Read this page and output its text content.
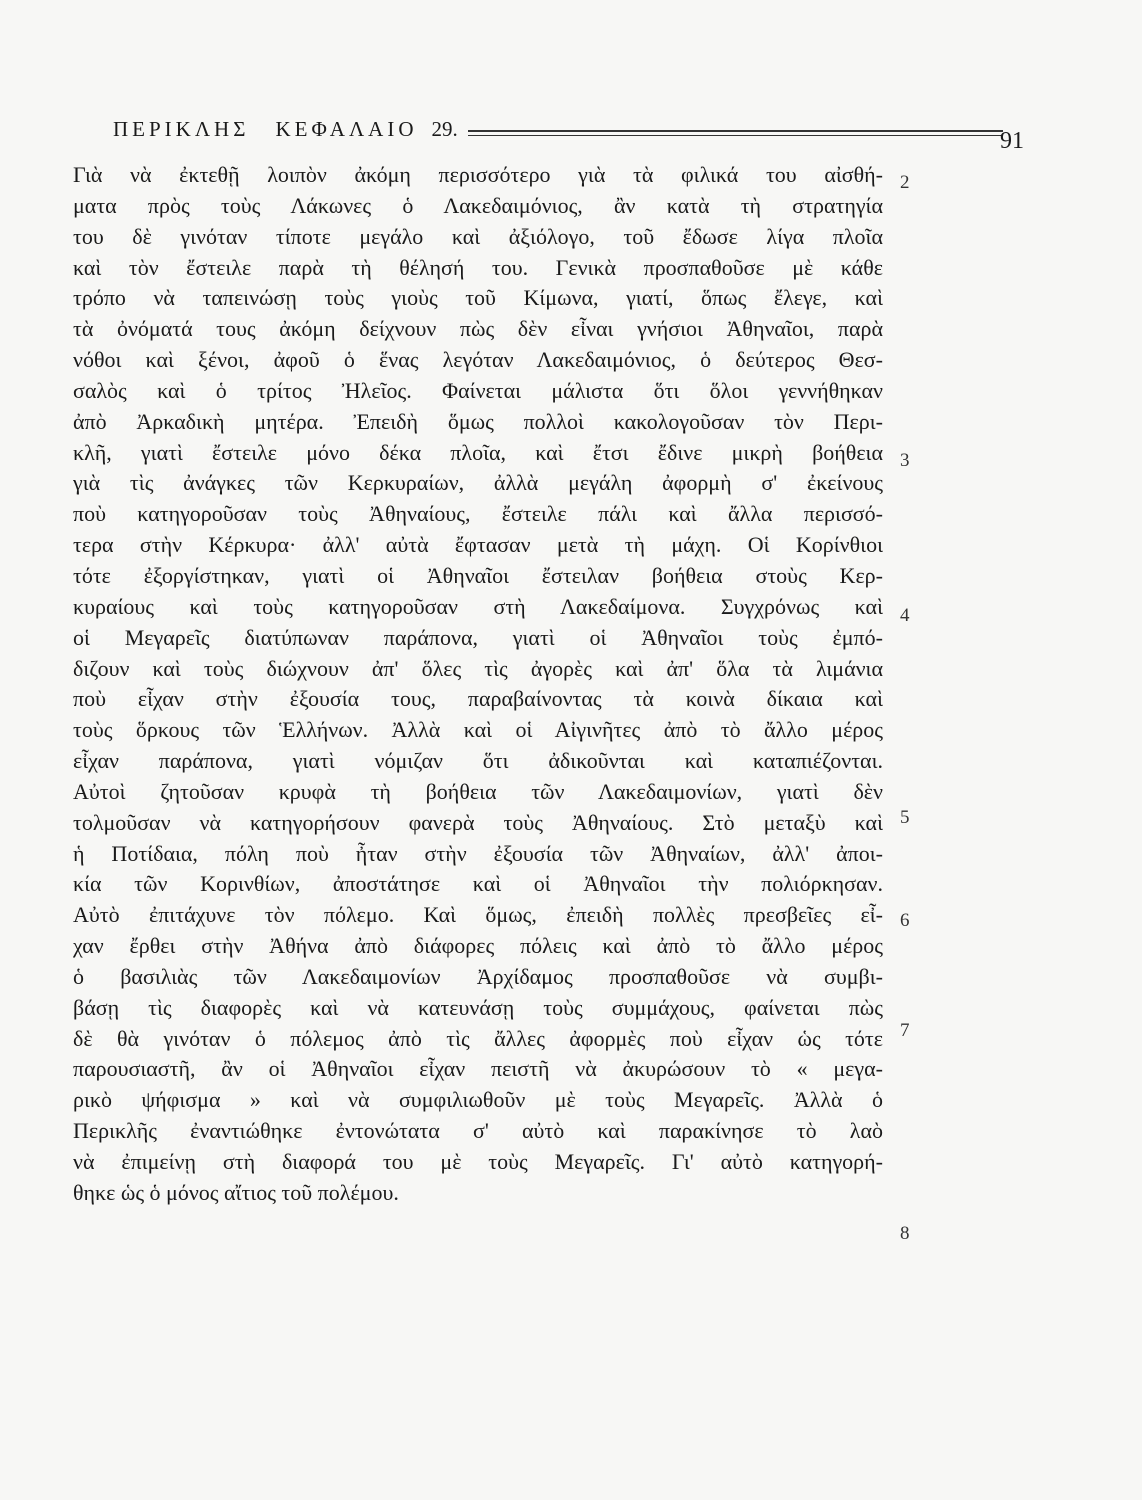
ΠΕΡΙΚΛΗΣ ΚΕΦΑΛΑΙΟ 29.	91
Γιὰ νὰ ἐκτεθῇ λοιπὸν ἀκόμη περισσότερο γιὰ τὰ φιλικά του αἰσθή-
ματα πρὸς τοὺς Λάκωνες ὁ Λακεδαιμόνιος, ἂν κατὰ τὴ στρατηγία
του δὲ γινόταν τίποτε μεγάλο καὶ ἀξιόλογο, τοῦ ἔδωσε λίγα πλοῖα
καὶ τὸν ἔστειλε παρὰ τὴ θέλησή του. Γενικὰ προσπαθοῦσε μὲ κάθε
τρόπο νὰ ταπεινώσῃ τοὺς γιοὺς τοῦ Κίμωνα, γιατί, ὅπως ἔλεγε, καὶ
τὰ ὀνόματά τους ἀκόμη δείχνουν πὼς δὲν εἶναι γνήσιοι Ἀθηναῖοι, παρὰ
νόθοι καὶ ξένοι, ἀφοῦ ὁ ἕνας λεγόταν Λακεδαιμόνιος, ὁ δεύτερος Θεσ-
σαλὸς καὶ ὁ τρίτος Ἠλεῖος. Φαίνεται μάλιστα ὅτι ὅλοι γεννήθηκαν
ἀπὸ Ἀρκαδικὴ μητέρα. Ἐπειδὴ ὅμως πολλοὶ κακολογοῦσαν τὸν Περι-
κλῆ, γιατὶ ἔστειλε μόνο δέκα πλοῖα, καὶ ἔτσι ἔδινε μικρὴ βοήθεια
γιὰ τὶς ἀνάγκες τῶν Κερκυραίων, ἀλλὰ μεγάλη ἀφορμὴ σ' ἐκείνους
ποὺ κατηγοροῦσαν τοὺς Ἀθηναίους, ἔστειλε πάλι καὶ ἄλλα περισσό-
τερα στὴν Κέρκυρα· ἀλλ' αὐτὰ ἔφτασαν μετὰ τὴ μάχη. Οἱ Κορίνθιοι
τότε ἐξοργίστηκαν, γιατὶ οἱ Ἀθηναῖοι ἔστειλαν βοήθεια στοὺς Κερ-
κυραίους καὶ τοὺς κατηγοροῦσαν στὴ Λακεδαίμονα. Συγχρόνως καὶ
οἱ Μεγαρεῖς διατύπωναν παράπονα, γιατὶ οἱ Ἀθηναῖοι τοὺς ἐμπό-
διζουν καὶ τοὺς διώχνουν ἀπ' ὅλες τὶς ἀγορὲς καὶ ἀπ' ὅλα τὰ λιμάνια
ποὺ εἶχαν στὴν ἐξουσία τους, παραβαίνοντας τὰ κοινὰ δίκαια καὶ
τοὺς ὅρκους τῶν Ἑλλήνων. Ἀλλὰ καὶ οἱ Αἰγινῆτες ἀπὸ τὸ ἄλλο μέρος
εἶχαν παράπονα, γιατὶ νόμιζαν ὅτι ἀδικοῦνται καὶ καταπιέζονται.
Αὐτοὶ ζητοῦσαν κρυφὰ τὴ βοήθεια τῶν Λακεδαιμονίων, γιατὶ δὲν
τολμοῦσαν νὰ κατηγορήσουν φανερὰ τοὺς Ἀθηναίους. Στὸ μεταξὺ καὶ
ἡ Ποτίδαια, πόλη ποὺ ἦταν στὴν ἐξουσία τῶν Ἀθηναίων, ἀλλ' ἀποι-
κία τῶν Κορινθίων, ἀποστάτησε καὶ οἱ Ἀθηναῖοι τὴν πολιόρκησαν.
Αὐτὸ ἐπιτάχυνε τὸν πόλεμο. Καὶ ὅμως, ἐπειδὴ πολλὲς πρεσβεῖες εἶ-
χαν ἔρθει στὴν Ἀθήνα ἀπὸ διάφορες πόλεις καὶ ἀπὸ τὸ ἄλλο μέρος
ὁ βασιλιὰς τῶν Λακεδαιμονίων Ἀρχίδαμος προσπαθοῦσε νὰ συμβι-
βάσῃ τὶς διαφορὲς καὶ νὰ κατευνάσῃ τοὺς συμμάχους, φαίνεται πὼς
δὲ θὰ γινόταν ὁ πόλεμος ἀπὸ τὶς ἄλλες ἀφορμὲς ποὺ εἶχαν ὡς τότε
παρουσιαστῆ, ἂν οἱ Ἀθηναῖοι εἶχαν πειστῆ νὰ ἀκυρώσουν τὸ « μεγα-
ρικὸ ψήφισμα » καὶ νὰ συμφιλιωθοῦν μὲ τοὺς Μεγαρεῖς. Ἀλλὰ ὁ
Περικλῆς ἐναντιώθηκε ἐντονώτατα σ' αὐτὸ καὶ παρακίνησε τὸ λαὸ
νὰ ἐπιμείνῃ στὴ διαφορά του μὲ τοὺς Μεγαρεῖς. Γι' αὐτὸ κατηγορή-
θηκε ὡς ὁ μόνος αἴτιος τοῦ πολέμου.
2
3
4
5
6
7
8
